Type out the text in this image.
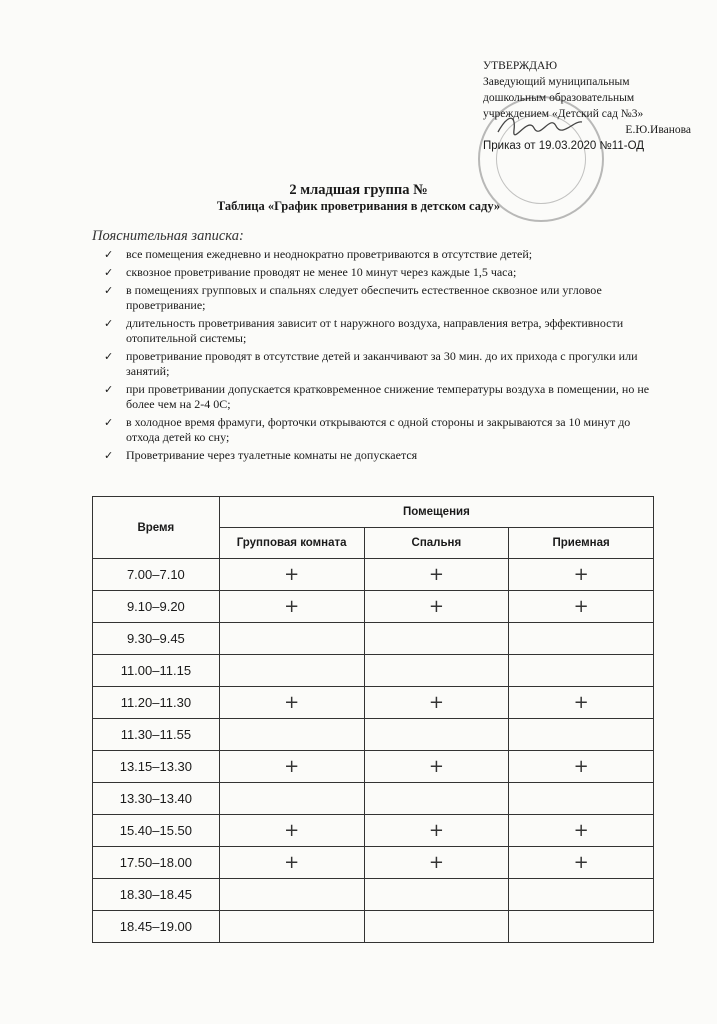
УТВЕРЖДАЮ
Заведующий муниципальным
дошкольным образовательным
учреждением «Детский сад №3»
Е.Ю.Иванова
Приказ от 19.03.2020 №11-ОД
2 младшая группа №
Таблица «График проветривания в детском саду»
Пояснительная записка:
✓ все помещения ежедневно и неоднократно проветриваются в отсутствие детей;
✓ сквозное проветривание проводят не менее 10 минут через каждые 1,5 часа;
✓ в помещениях групповых и спальнях следует обеспечить естественное сквозное или угловое проветривание;
✓ длительность проветривания зависит от t наружного воздуха, направления ветра, эффективности отопительной системы;
✓ проветривание проводят в отсутствие детей и заканчивают за 30 мин. до их прихода с прогулки или занятий;
✓ при проветривании допускается кратковременное снижение температуры воздуха в помещении, но не более чем на 2-4 0С;
✓ в холодное время фрамуги, форточки открываются с одной стороны и закрываются за 10 минут до отхода детей ко сну;
✓ Проветривание через туалетные комнаты не допускается
Время	Помещения		
	Групповая комната	Спальня	Приемная
7.00–7.10	+	+	+
9.10–9.20	+	+	+
9.30–9.45			
11.00–11.15			
11.20–11.30	+	+	+
11.30–11.55			
13.15–13.30	+	+	+
13.30–13.40			
15.40–15.50	+	+	+
17.50–18.00	+	+	+
18.30–18.45			
18.45–19.00			
